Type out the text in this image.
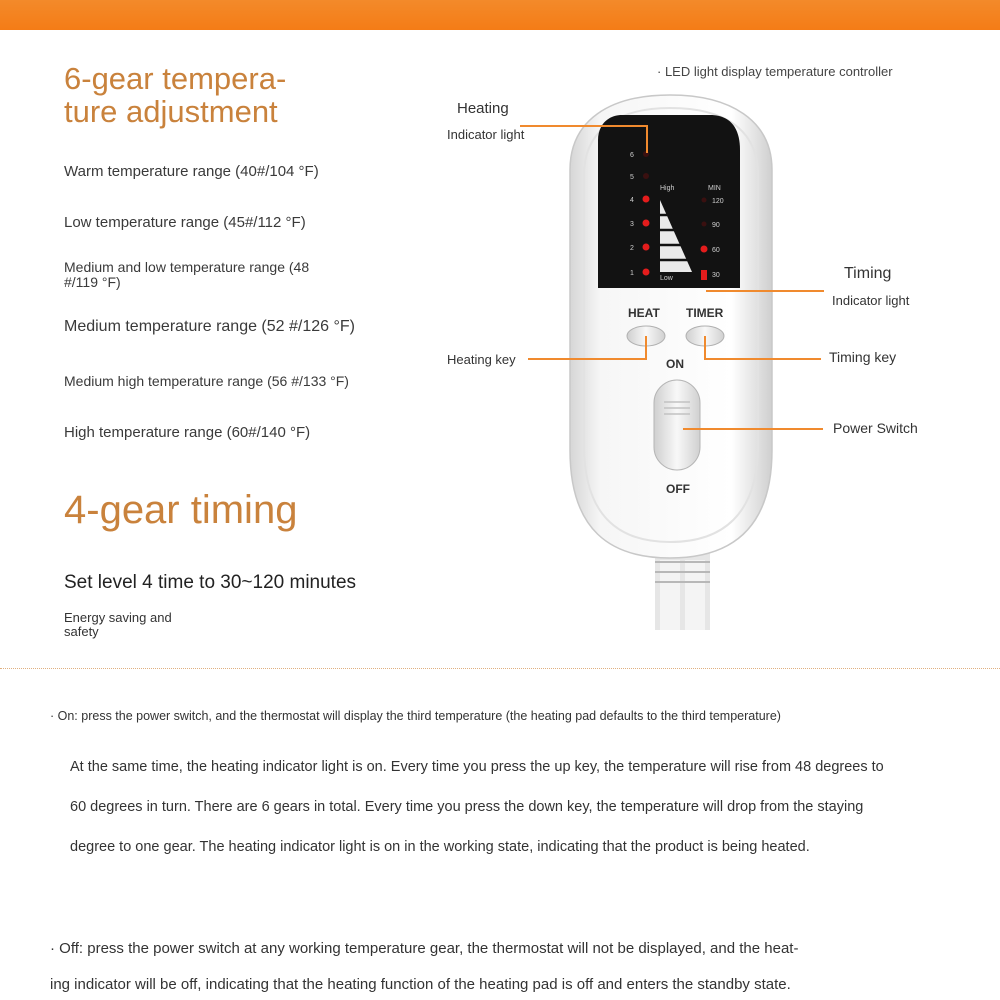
6-gear tempera-
ture adjustment
Warm temperature range (40#/104 °F)
Low temperature range (45#/112 °F)
Medium and low temperature range (48
#/119 °F)
Medium temperature range (52 #/126 °F)
Medium high temperature range (56 #/133 °F)
High temperature range (60#/140 °F)
4-gear timing
Set level 4 time to 30~120 minutes
Energy saving and
safety
· LED light display temperature controller
6
5
4
3
2
1
High
Low
MIN
120
90
60
30
HEAT TIMER
ON
OFF
Heating
Indicator light
Timing
Indicator light
Heating key	Timing key
Power Switch
· On: press the power switch, and the thermostat will display the third temperature (the heating pad defaults to the third temperature)
At the same time, the heating indicator light is on. Every time you press the up key, the temperature will rise from 48 degrees to
60 degrees in turn. There are 6 gears in total. Every time you press the down key, the temperature will drop from the staying
degree to one gear. The heating indicator light is on in the working state, indicating that the product is being heated.
· Off: press the power switch at any working temperature gear, the thermostat will not be displayed, and the heat-
ing indicator will be off, indicating that the heating function of the heating pad is off and enters the standby state.
